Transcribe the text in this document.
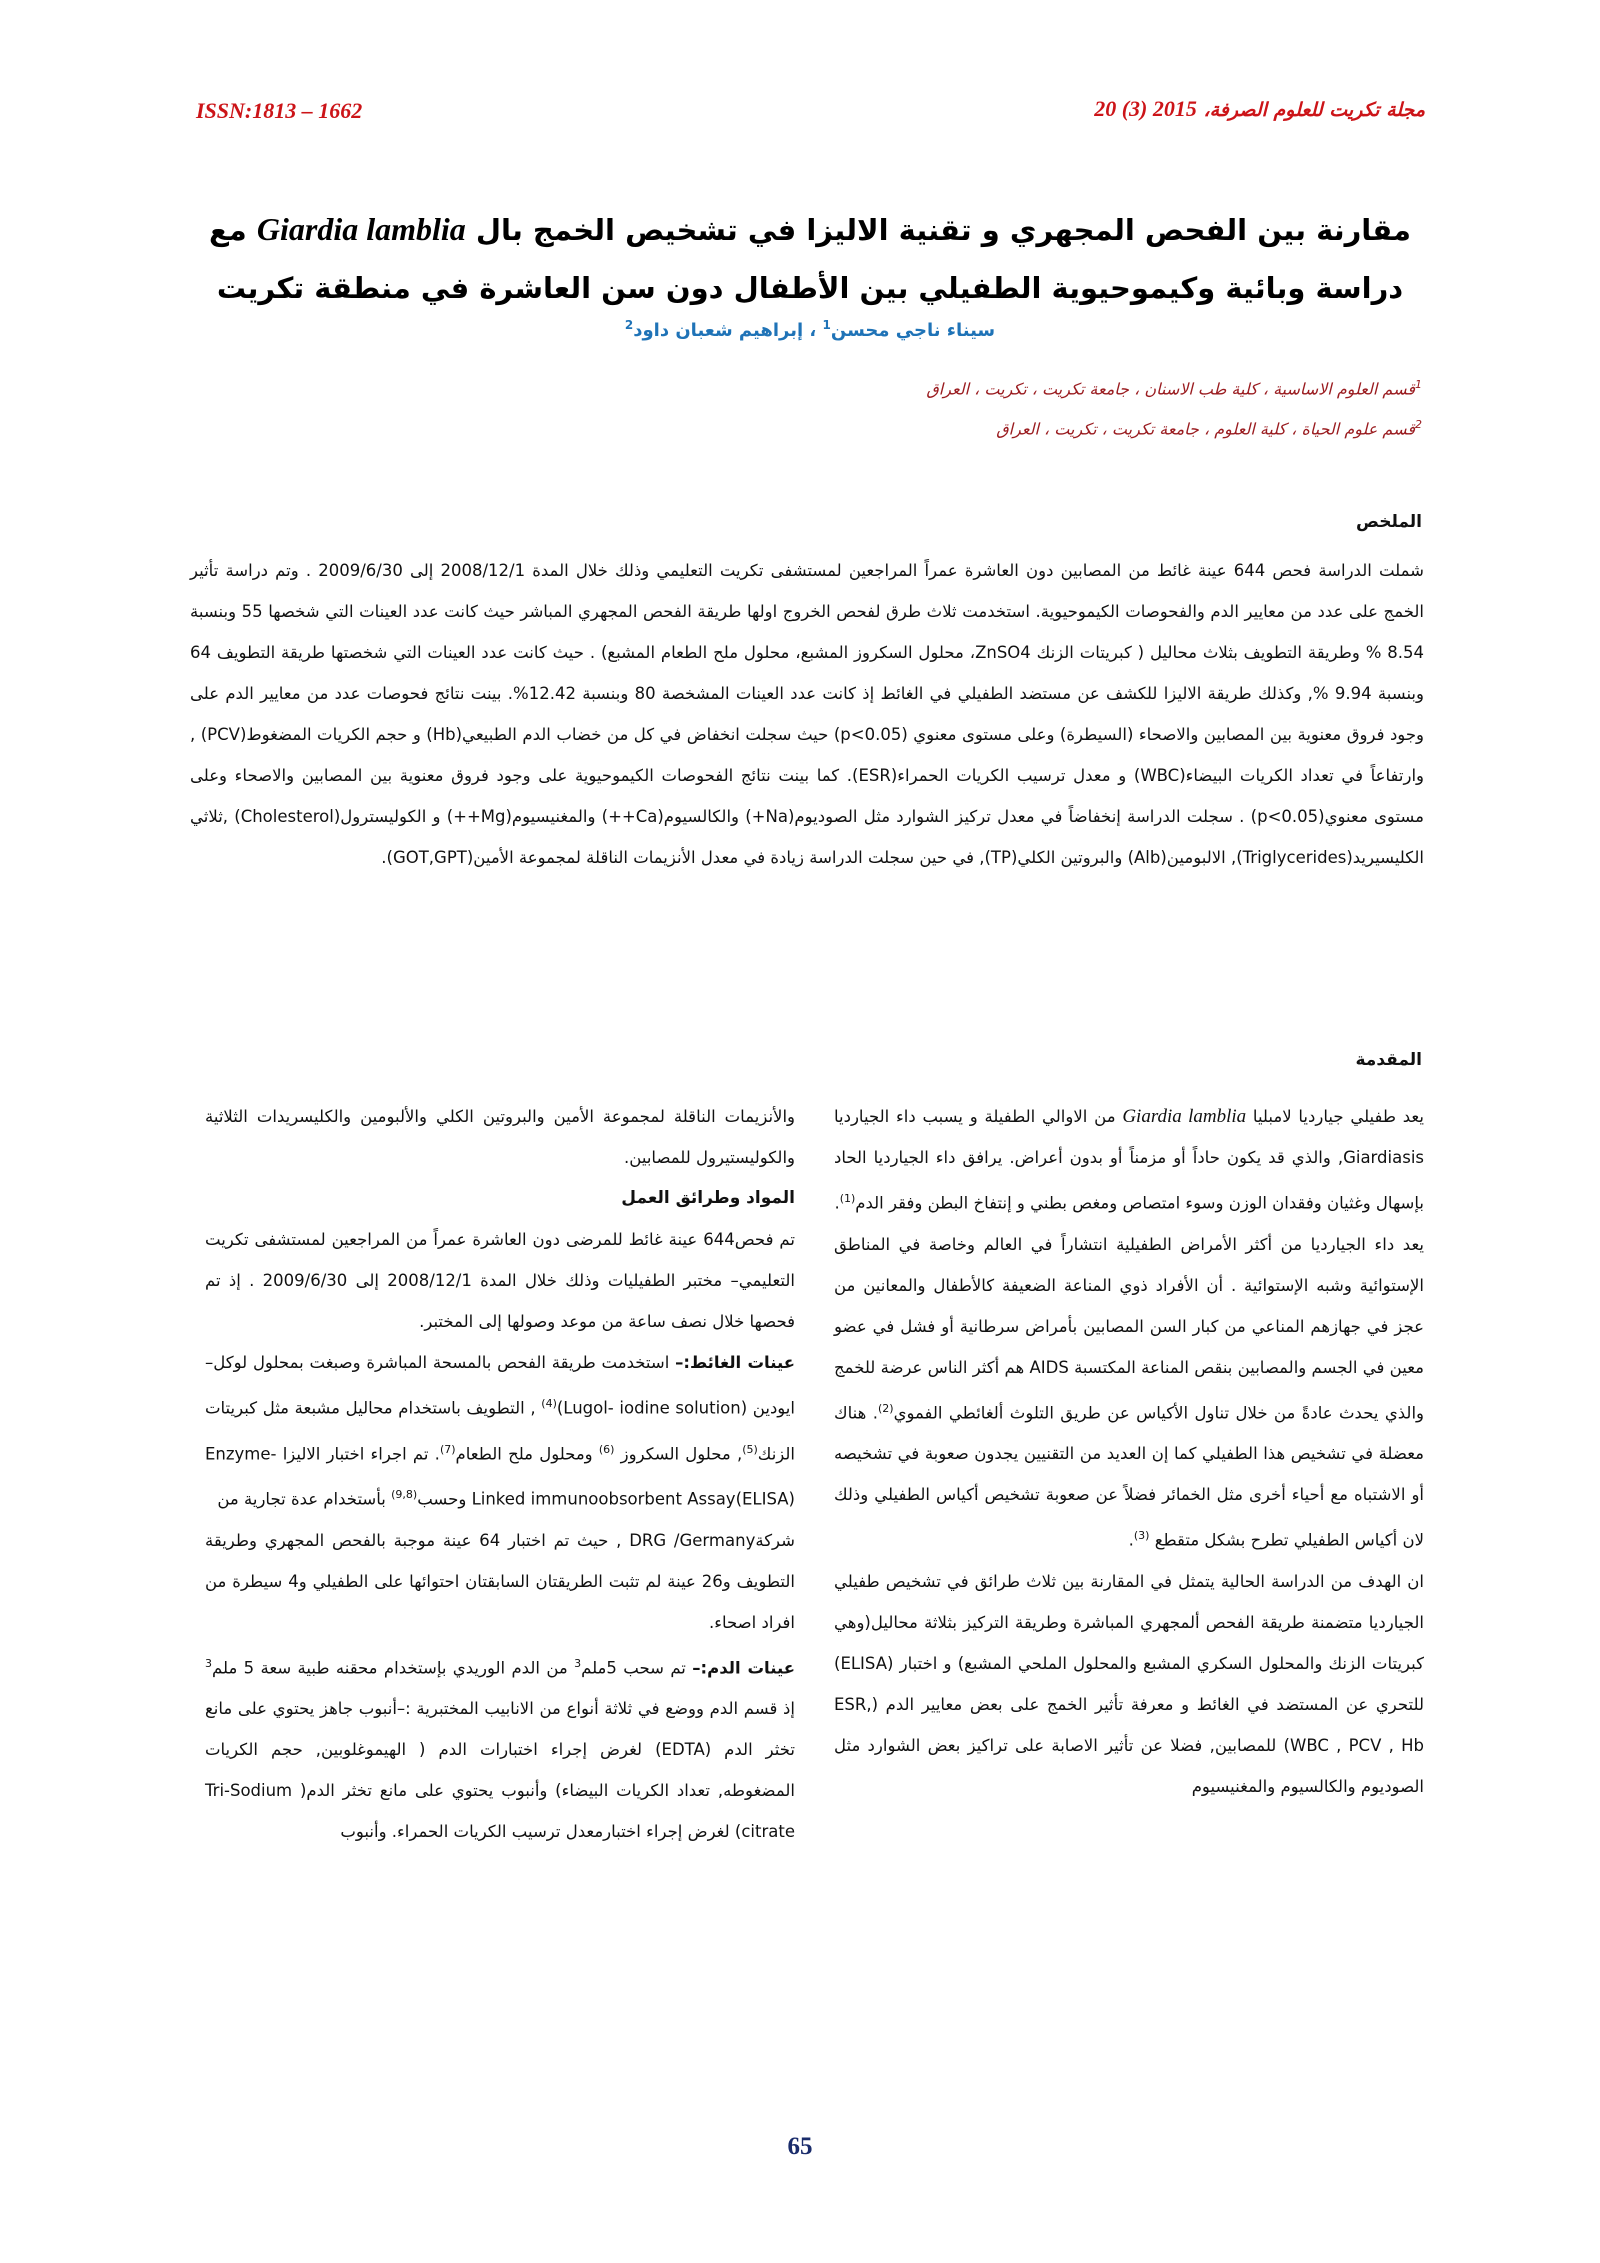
ISSN:1813 – 1662	مجلة تكريت للعلوم الصرفة، 20 (3) 2015
مقارنة بين الفحص المجهري و تقنية الاليزا في تشخيص الخمج بال Giardia lamblia مع دراسة وبائية وكيموحيوية الطفيلي بين الأطفال دون سن العاشرة في منطقة تكريت
سيناء ناجي محسن$^1$ ، إبراهيم شعبان داود$^2$
$^1$قسم العلوم الاساسية ، كلية طب الاسنان ، جامعة تكريت ، تكريت ، العراق
$^2$قسم علوم الحياة ، كلية العلوم ، جامعة تكريت ، تكريت ، العراق
الملخص
شملت الدراسة فحص 644 عينة غائط من المصابين دون العاشرة عمراً المراجعين لمستشفى تكريت التعليمي وذلك خلال المدة 2008/12/1 إلى 2009/6/30 . وتم دراسة تأثير الخمج على عدد من معايير الدم والفحوصات الكيموحيوية. استخدمت ثلاث طرق لفحص الخروج اولها طريقة الفحص المجهري المباشر حيث كانت عدد العينات التي شخصها 55 وبنسبة 8.54 % وطريقة التطويف بثلاث محاليل ( كبريتات الزنك ZnSO4، محلول السكروز المشبع، محلول ملح الطعام المشبع) . حيث كانت عدد العينات التي شخصتها طريقة التطويف 64 وبنسبة 9.94 %, وكذلك طريقة الاليزا للكشف عن مستضد الطفيلي في الغائط إذ كانت عدد العينات المشخصة 80 وبنسبة 12.42%. بينت نتائج فحوصات عدد من معايير الدم على وجود فروق معنوية بين المصابين والاصحاء (السيطرة) وعلى مستوى معنوي (p<0.05) حيث سجلت انخفاض في كل من خضاب الدم الطبيعي(Hb) و حجم الكريات المضغوط(PCV) , وارتفاعاً في تعداد الكريات البيضاء(WBC) و معدل ترسيب الكريات الحمراء(ESR). كما بينت نتائج الفحوصات الكيموحيوية على وجود فروق معنوية بين المصابين والاصحاء وعلى مستوى معنوي(p<0.05) . سجلت الدراسة إنخفاضاً في معدل تركيز الشوارد مثل الصوديوم(Na+) والكالسيوم(Ca++) والمغنيسيوم(Mg++) و الكوليسترول(Cholesterol) ,ثلاثي الكليسيريد(Triglycerides), الالبومين(Alb) والبروتين الكلي(TP), في حين سجلت الدراسة زيادة في معدل الأنزيمات الناقلة لمجموعة الأمين(GOT,GPT).
المقدمة

يعد طفيلي جيارديا لامبليا Giardia lamblia من الاوالي الطفيلة و يسبب داء الجيارديا Giardiasis, والذي قد يكون حاداً أو مزمناً أو بدون أعراض. يرافق داء الجيارديا الحاد بإسهال وغثيان وفقدان الوزن وسوء امتصاص ومغص بطني و إنتفاخ البطن وفقر الدم$^{(1)}$.

يعد داء الجيارديا من أكثر الأمراض الطفيلية انتشاراً في العالم وخاصة في المناطق الإستوائية وشبه الإستوائية . أن الأفراد ذوي المناعة الضعيفة كالأطفال والمعانين من عجز في جهازهم المناعي من كبار السن المصابين بأمراض سرطانية أو فشل في عضو معين في الجسم والمصابين بنقص المناعة المكتسبة AIDS هم أكثر الناس عرضة للخمج والذي يحدث عادةً من خلال تناول الأكياس عن طريق التلوث ألغائطي الفموي$^{(2)}$. هناك معضلة في تشخيص هذا الطفيلي كما إن العديد من التقنيين يجدون صعوبة في تشخيصه أو الاشتباه مع أحياء أخرى مثل الخمائر فضلاً عن صعوبة تشخيص أكياس الطفيلي وذلك لان أكياس الطفيلي تطرح بشكل متقطع $^{(3)}$.

ان الهدف من الدراسة الحالية يتمثل في المقارنة بين ثلاث طرائق في تشخيص طفيلي الجيارديا متضمنة طريقة الفحص ألمجهري المباشرة وطريقة التركيز بثلاثة محاليل(وهي كبريتات الزنك والمحلول السكري المشبع والمحلول الملحي المشبع) و اختبار (ELISA) للتحري عن المستضد في الغائط و معرفة تأثير الخمج على بعض معايير الدم (ESR, WBC , PCV , Hb) للمصابين, فضلا عن تأثير الاصابة على تراكيز بعض الشوارد مثل الصوديوم والكالسيوم والمغنيسيوم

والأنزيمات الناقلة لمجموعة الأمين والبروتين الكلي والألبومين والكليسريدات الثلاثية والكوليستيرول للمصابين.

المواد وطرائق العمل

تم فحص644 عينة غائط للمرضى دون العاشرة عمراً من المراجعين لمستشفى تكريت التعليمي– مختبر الطفيليات وذلك خلال المدة 2008/12/1 إلى 2009/6/30 . إذ تم فحصها خلال نصف ساعة من موعد وصولها إلى المختبر.

عينات الغائط:– استخدمت طريقة الفحص بالمسحة المباشرة وصبغت بمحلول لوكل– ايودين (Lugol- iodine solution)$^{(4)}$ , التطويف باستخدام محاليل مشبعة مثل كبريتات الزنك$^{(5)}$, محلول السكروز $^{(6)}$ ومحلول ملح الطعام$^{(7)}$. تم اجراء اختبار الاليزا Enzyme-Linked immunoobsorbent Assay(ELISA) وحسب$^{(9,8)}$ بأستخدام عدة تجارية من

شركةDRG /Germany , حيث تم اختبار 64 عينة موجبة بالفحص المجهري وطريقة التطويف و26 عينة لم تثبت الطريقتان السابقتان احتوائها على الطفيلي و4 سيطرة من افراد اصحاء.

عينات الدم:– تم سحب 5ملم$^3$ من الدم الوريدي بإستخدام محقنه طبية سعة 5 ملم$^3$ إذ قسم الدم ووضع في ثلاثة أنواع من الانابيب المختبرية :–أنبوب جاهز يحتوي على مانع تخثر الدم (EDTA) لغرض إجراء اختبارات الدم ( الهيموغلوبين, حجم الكريات المضغوطه, تعداد الكريات البيضاء) وأنبوب يحتوي على مانع تخثر الدم( Tri-Sodium citrate) لغرض إجراء اختبارمعدل ترسيب الكريات الحمراء. وأنبوب

65
